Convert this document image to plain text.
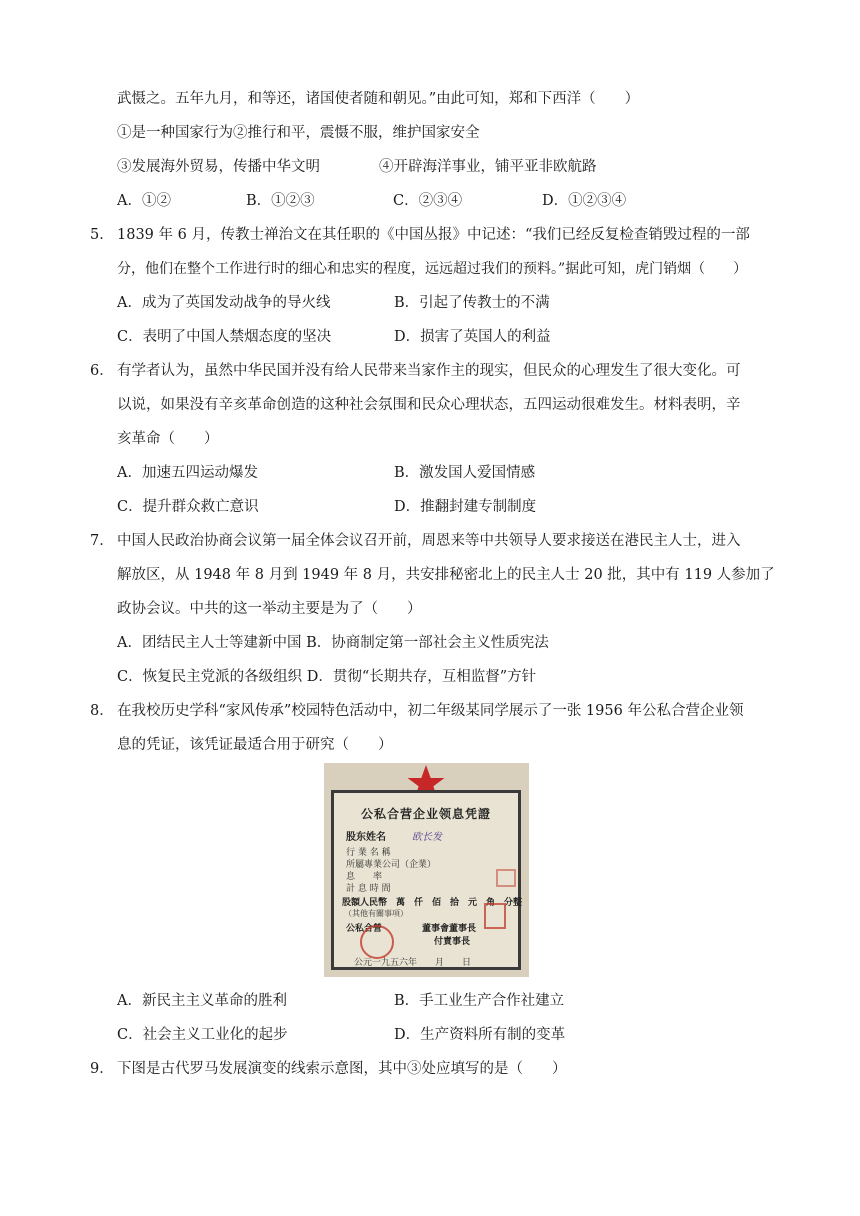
武慑之。五年九月，和等还，诸国使者随和朝见。”由此可知，郑和下西洋（　　）
①是一种国家行为②推行和平，震慑不服，维护国家安全
③发展海外贸易，传播中华文明	④开辟海洋事业，铺平亚非欧航路
A．①②	B．①②③	C．②③④	D．①②③④
5． 1839 年 6 月，传教士禅治文在其任职的《中国丛报》中记述：“我们已经反复检查销毁过程的一部
分，他们在整个工作进行时的细心和忠实的程度，远远超过我们的预料。”据此可知，虎门销烟（　　）
A．成为了英国发动战争的导火线	B．引起了传教士的不满
C．表明了中国人禁烟态度的坚决	D．损害了英国人的利益
6． 有学者认为，虽然中华民国并没有给人民带来当家作主的现实，但民众的心理发生了很大变化。可
以说，如果没有辛亥革命创造的这种社会氛围和民众心理状态，五四运动很难发生。材料表明，辛
亥革命（　　）
A．加速五四运动爆发	B．激发国人爱国情感
C．提升群众救亡意识	D．推翻封建专制制度
7． 中国人民政治协商会议第一届全体会议召开前，周恩来等中共领导人要求接送在港民主人士，进入
解放区，从 1948 年 8 月到 1949 年 8 月，共安排秘密北上的民主人士 20 批，其中有 119 人参加了
政协会议。中共的这一举动主要是为了（　　）
A．团结民主人士等建新中国 B．协商制定第一部社会主义性质宪法
C．恢复民主党派的各级组织 D．贯彻“长期共存，互相监督”方针
8． 在我校历史学科“家风传承”校园特色活动中，初二年级某同学展示了一张 1956 年公私合营企业领
息的凭证，该凭证最适合用于研究（　　）
公私合营企业领息凭證
股东姓名	欧长发
行 業 名 稱
所屬專業公司（企業）
息　　率
計 息 時 間
股額人民幣　萬　仟　佰　拾　元　角　分整
（其他有關事項）
公私合營	董事會董事長
付責事長
公元一九五六年　　月　　日
A．新民主主义革命的胜利	B．手工业生产合作社建立
C．社会主义工业化的起步	D．生产资料所有制的变革
9． 下图是古代罗马发展演变的线索示意图，其中③处应填写的是（　　）
